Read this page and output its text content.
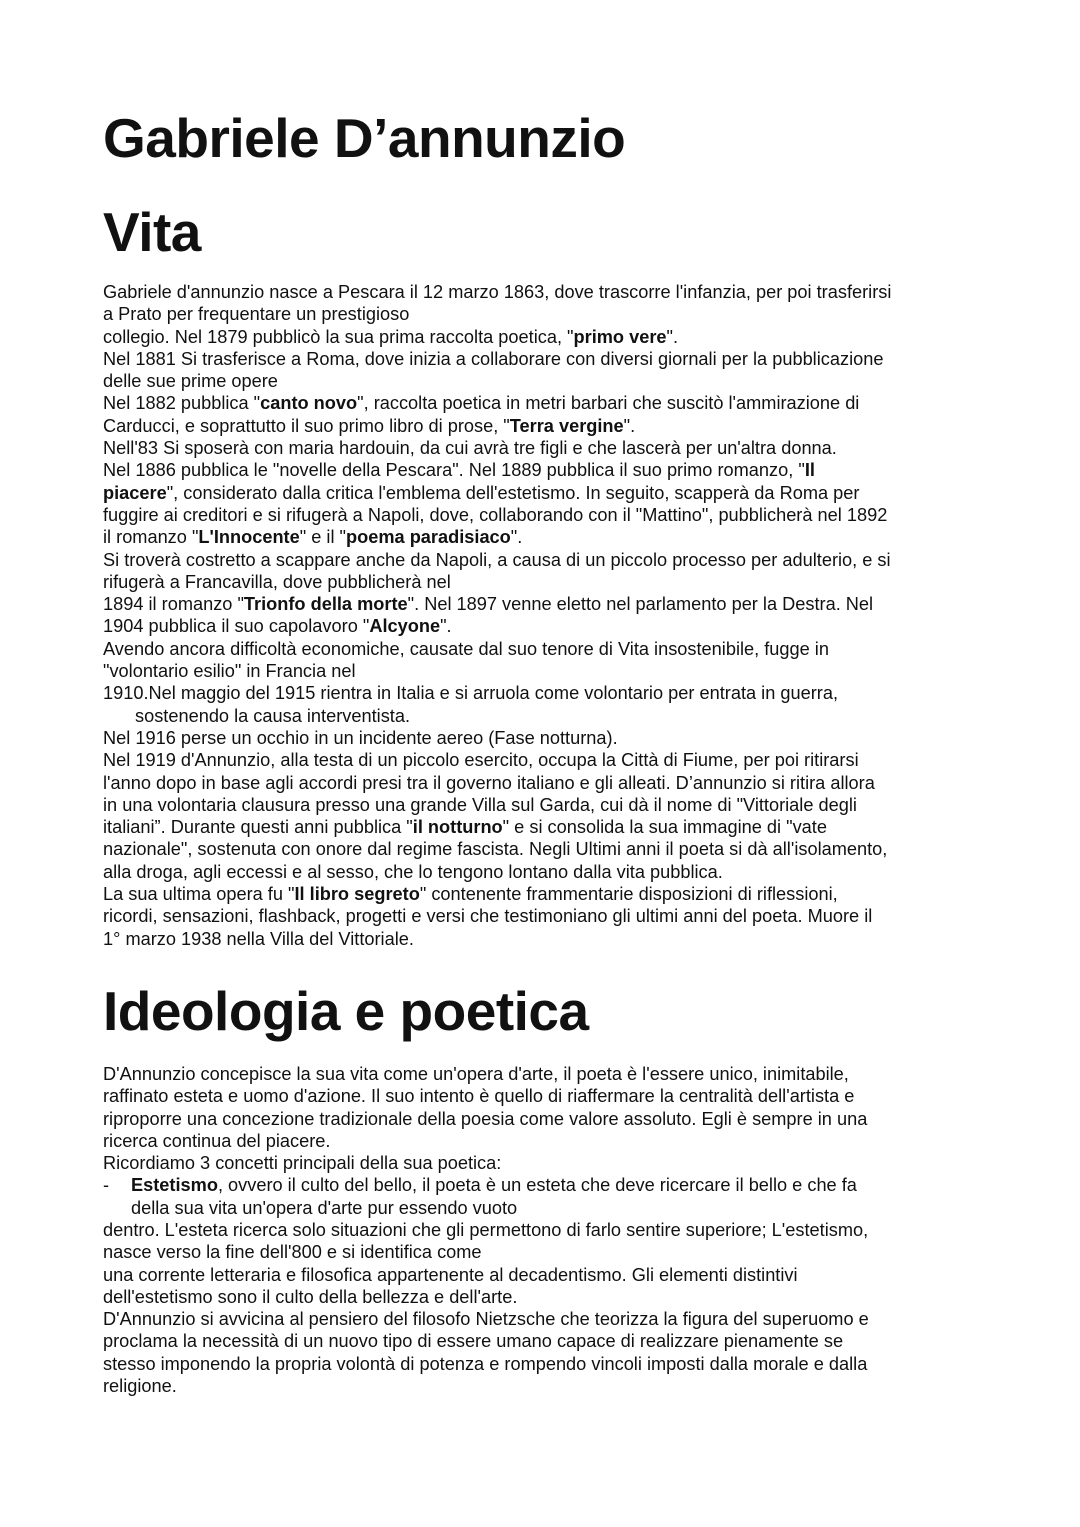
Gabriele D’annunzio
Vita

Gabriele d'annunzio nasce a Pescara il 12 marzo 1863, dove trascorre l'infanzia, per poi trasferirsi

a Prato per frequentare un prestigioso

collegio. Nel 1879 pubblicò la sua prima raccolta poetica, "primo vere".

Nel 1881 Si trasferisce a Roma, dove inizia a collaborare con diversi giornali per la pubblicazione

delle sue prime opere

Nel 1882 pubblica "canto novo", raccolta poetica in metri barbari che suscitò l'ammirazione di

Carducci, e soprattutto il suo primo libro di prose, "Terra vergine".

Nell'83 Si sposerà con maria hardouin, da cui avrà tre figli e che lascerà per un'altra donna.

Nel 1886 pubblica le "novelle della Pescara". Nel 1889 pubblica il suo primo romanzo, "Il

piacere", considerato dalla critica l'emblema dell'estetismo. In seguito, scapperà da Roma per

fuggire ai creditori e si rifugerà a Napoli, dove, collaborando con il "Mattino", pubblicherà nel 1892

il romanzo "L'Innocente" e il "poema paradisiaco".

Si troverà costretto a scappare anche da Napoli, a causa di un piccolo processo per adulterio, e si

rifugerà a Francavilla, dove pubblicherà nel

1894 il romanzo "Trionfo della morte". Nel 1897 venne eletto nel parlamento per la Destra. Nel

1904 pubblica il suo capolavoro "Alcyone".

Avendo ancora difficoltà economiche, causate dal suo tenore di Vita insostenibile, fugge in

"volontario esilio" in Francia nel

1910.Nel maggio del 1915 rientra in Italia e si arruola come volontario per entrata in guerra,

sostenendo la causa interventista.

Nel 1916 perse un occhio in un incidente aereo (Fase notturna).

Nel 1919 d'Annunzio, alla testa di un piccolo esercito, occupa la Città di Fiume, per poi ritirarsi

l'anno dopo in base agli accordi presi tra il governo italiano e gli alleati. D’annunzio si ritira allora

in una volontaria clausura presso una grande Villa sul Garda, cui dà il nome di "Vittoriale degli

italiani”. Durante questi anni pubblica "il notturno" e si consolida la sua immagine di "vate

nazionale", sostenuta con onore dal regime fascista. Negli Ultimi anni il poeta si dà all'isolamento,

alla droga, agli eccessi e al sesso, che lo tengono lontano dalla vita pubblica.

La sua ultima opera fu "Il libro segreto" contenente frammentarie disposizioni di riflessioni,

ricordi, sensazioni, flashback, progetti e versi che testimoniano gli ultimi anni del poeta. Muore il

1° marzo 1938 nella Villa del Vittoriale.

Ideologia e poetica

D'Annunzio concepisce la sua vita come un'opera d'arte, il poeta è l'essere unico, inimitabile,

raffinato esteta e uomo d'azione. Il suo intento è quello di riaffermare la centralità dell'artista e

riproporre una concezione tradizionale della poesia come valore assoluto. Egli è sempre in una

ricerca continua del piacere.

Ricordiamo 3 concetti principali della sua poetica:

-	Estetismo, ovvero il culto del bello, il poeta è un esteta che deve ricercare il bello e che fa
della sua vita un'opera d'arte pur essendo vuoto

dentro. L'esteta ricerca solo situazioni che gli permettono di farlo sentire superiore; L'estetismo,

nasce verso la fine dell'800 e si identifica come

una corrente letteraria e filosofica appartenente al decadentismo. Gli elementi distintivi

dell'estetismo sono il culto della bellezza e dell'arte.

D'Annunzio si avvicina al pensiero del filosofo Nietzsche che teorizza la figura del superuomo e

proclama la necessità di un nuovo tipo di essere umano capace di realizzare pienamente se

stesso imponendo la propria volontà di potenza e rompendo vincoli imposti dalla morale e dalla

religione.
